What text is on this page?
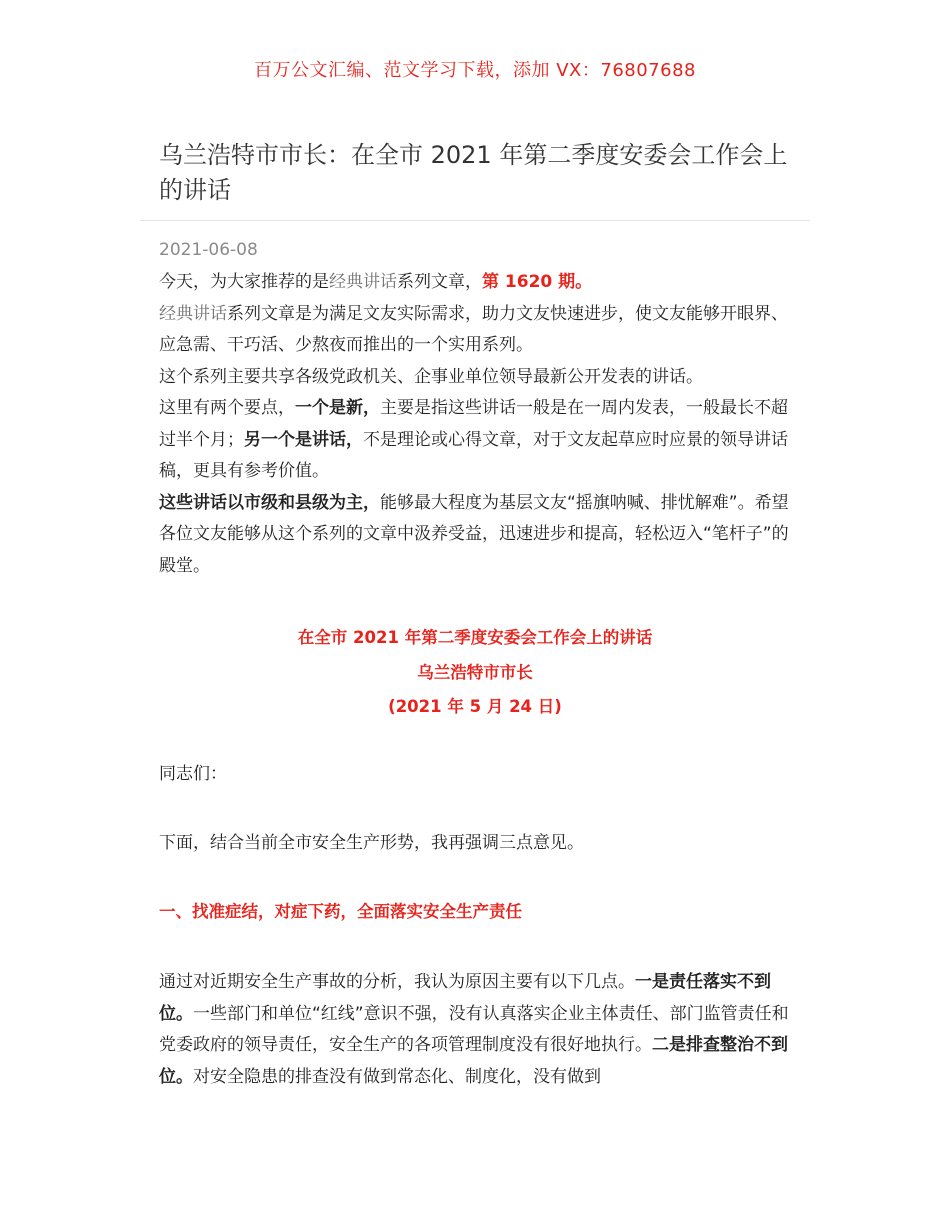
百万公文汇编、范文学习下载，添加 VX：76807688
乌兰浩特市市长：在全市 2021 年第二季度安委会工作会上的讲话
2021-06-08

今天，为大家推荐的是经典讲话系列文章，第 1620 期。

经典讲话系列文章是为满足文友实际需求，助力文友快速进步，使文友能够开眼界、应急需、干巧活、少熬夜而推出的一个实用系列。

这个系列主要共享各级党政机关、企事业单位领导最新公开发表的讲话。

这里有两个要点，一个是新，主要是指这些讲话一般是在一周内发表，一般最长不超过半个月；另一个是讲话，不是理论或心得文章，对于文友起草应时应景的领导讲话稿，更具有参考价值。

这些讲话以市级和县级为主，能够最大程度为基层文友“摇旗呐喊、排忧解难”。希望各位文友能够从这个系列的文章中汲养受益，迅速进步和提高，轻松迈入“笔杆子”的殿堂。

在全市 2021 年第二季度安委会工作会上的讲话
乌兰浩特市市长
(2021 年 5 月 24 日)

同志们：

下面，结合当前全市安全生产形势，我再强调三点意见。

一、找准症结，对症下药，全面落实安全生产责任

通过对近期安全生产事故的分析，我认为原因主要有以下几点。一是责任落实不到位。一些部门和单位“红线”意识不强，没有认真落实企业主体责任、部门监管责任和党委政府的领导责任，安全生产的各项管理制度没有很好地执行。二是排查整治不到位。对安全隐患的排查没有做到常态化、制度化，没有做到
